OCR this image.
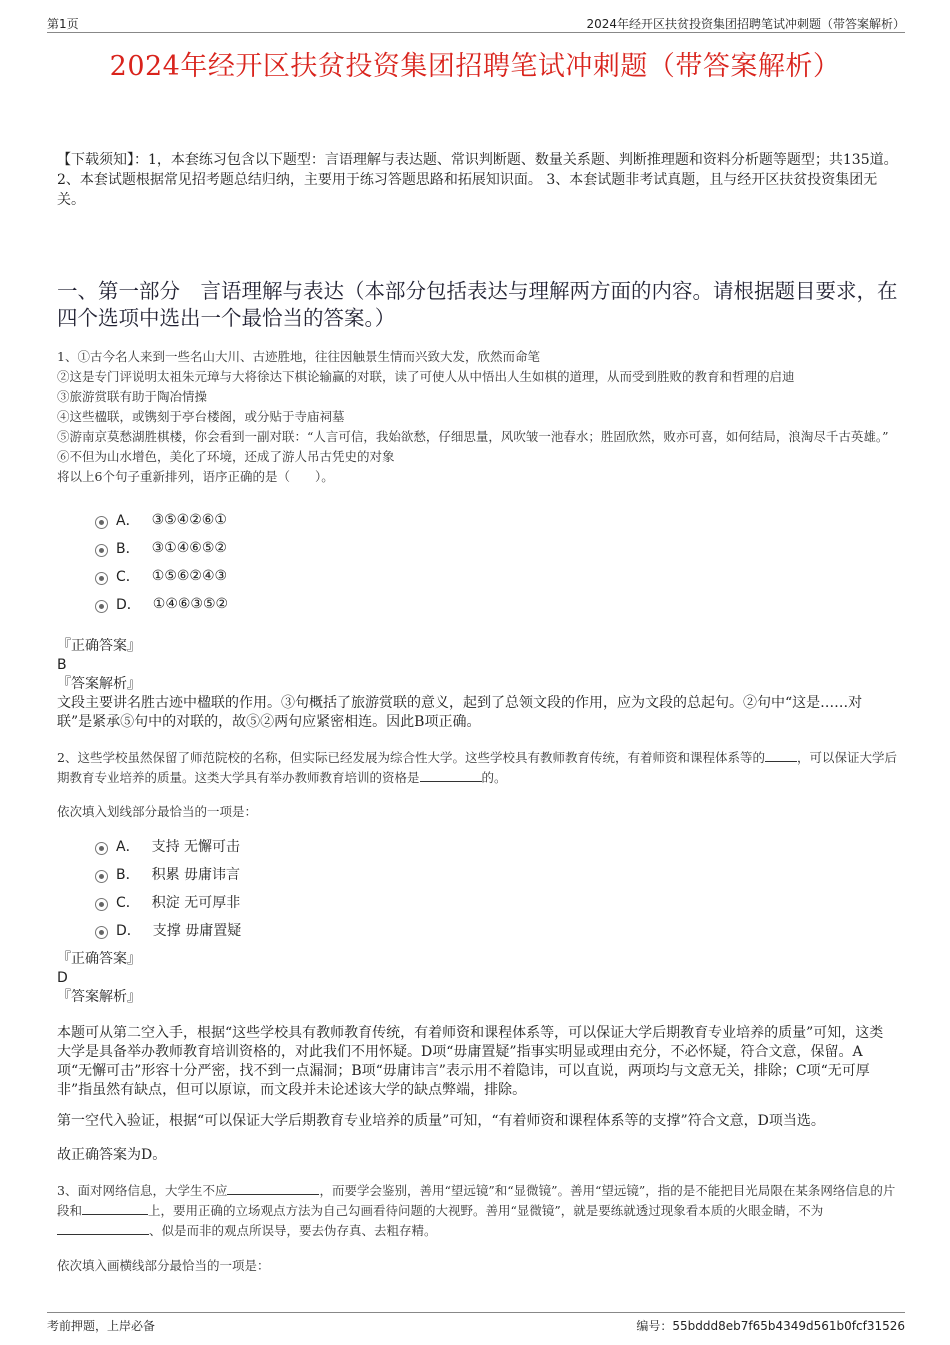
第1页	2024年经开区扶贫投资集团招聘笔试冲刺题（带答案解析）
2024年经开区扶贫投资集团招聘笔试冲刺题（带答案解析）
【下载须知】：1，本套练习包含以下题型：言语理解与表达题、常识判断题、数量关系题、判断推理题和资料分析题等题型；共135道。 2、本套试题根据常见招考题总结归纳，主要用于练习答题思路和拓展知识面。 3、本套试题非考试真题，且与经开区扶贫投资集团无关。
一、第一部分　言语理解与表达（本部分包括表达与理解两方面的内容。请根据题目要求，在四个选项中选出一个最恰当的答案。）

1、①古今名人来到一些名山大川、古迹胜地，往往因触景生情而兴致大发，欣然而命笔

②这是专门评说明太祖朱元璋与大将徐达下棋论输赢的对联，读了可使人从中悟出人生如棋的道理，从而受到胜败的教育和哲理的启迪

③旅游赏联有助于陶冶情操

④这些楹联，或镌刻于亭台楼阁，或分贴于寺庙祠墓

⑤游南京莫愁湖胜棋楼，你会看到一副对联：“人言可信，我始欲愁，仔细思量，风吹皱一池春水；胜固欣然，败亦可喜，如何结局，浪淘尽千古英雄。”

⑥不但为山水增色，美化了环境，还成了游人吊古凭史的对象

将以上6个句子重新排列，语序正确的是（　　）。

A． ③⑤④②⑥①
B． ③①④⑥⑤②
C． ①⑤⑥②④③
D． ①④⑥③⑤②
『正确答案』
B
『答案解析』
文段主要讲名胜古迹中楹联的作用。③句概括了旅游赏联的意义，起到了总领文段的作用，应为文段的总起句。②句中“这是……对联”是紧承⑤句中的对联的，故⑤②两句应紧密相连。因此B项正确。
2、这些学校虽然保留了师范院校的名称，但实际已经发展为综合性大学。这些学校具有教师教育传统，有着师资和课程体系等的	，可以保证大学后期教育专业培养的质量。这类大学具有举办教师教育培训的资格是	的。
依次填入划线部分最恰当的一项是：
A． 支持 无懈可击
B． 积累 毋庸讳言
C． 积淀 无可厚非
D． 支撑 毋庸置疑
『正确答案』
D
『答案解析』
本题可从第二空入手，根据“这些学校具有教师教育传统，有着师资和课程体系等，可以保证大学后期教育专业培养的质量”可知，这类大学是具备举办教师教育培训资格的，对此我们不用怀疑。D项“毋庸置疑”指事实明显或理由充分，不必怀疑，符合文意，保留。A项“无懈可击”形容十分严密，找不到一点漏洞；B项“毋庸讳言”表示用不着隐讳，可以直说，两项均与文意无关，排除；C项“无可厚非”指虽然有缺点，但可以原谅，而文段并未论述该大学的缺点弊端，排除。
第一空代入验证，根据“可以保证大学后期教育专业培养的质量”可知，“有着师资和课程体系等的支撑”符合文意，D项当选。
故正确答案为D。
3、面对网络信息，大学生不应	，而要学会鉴别，善用“望远镜”和“显微镜”。善用“望远镜”，指的是不能把目光局限在某条网络信息的片段和	上，要用正确的立场观点方法为自己勾画看待问题的大视野。善用“显微镜”，就是要练就透过现象看本质的火眼金睛，不为、似是而非的观点所误导，要去伪存真、去粗存精。
依次填入画横线部分最恰当的一项是：
考前押题，上岸必备	编号：55bddd8eb7f65b4349d561b0fcf31526
